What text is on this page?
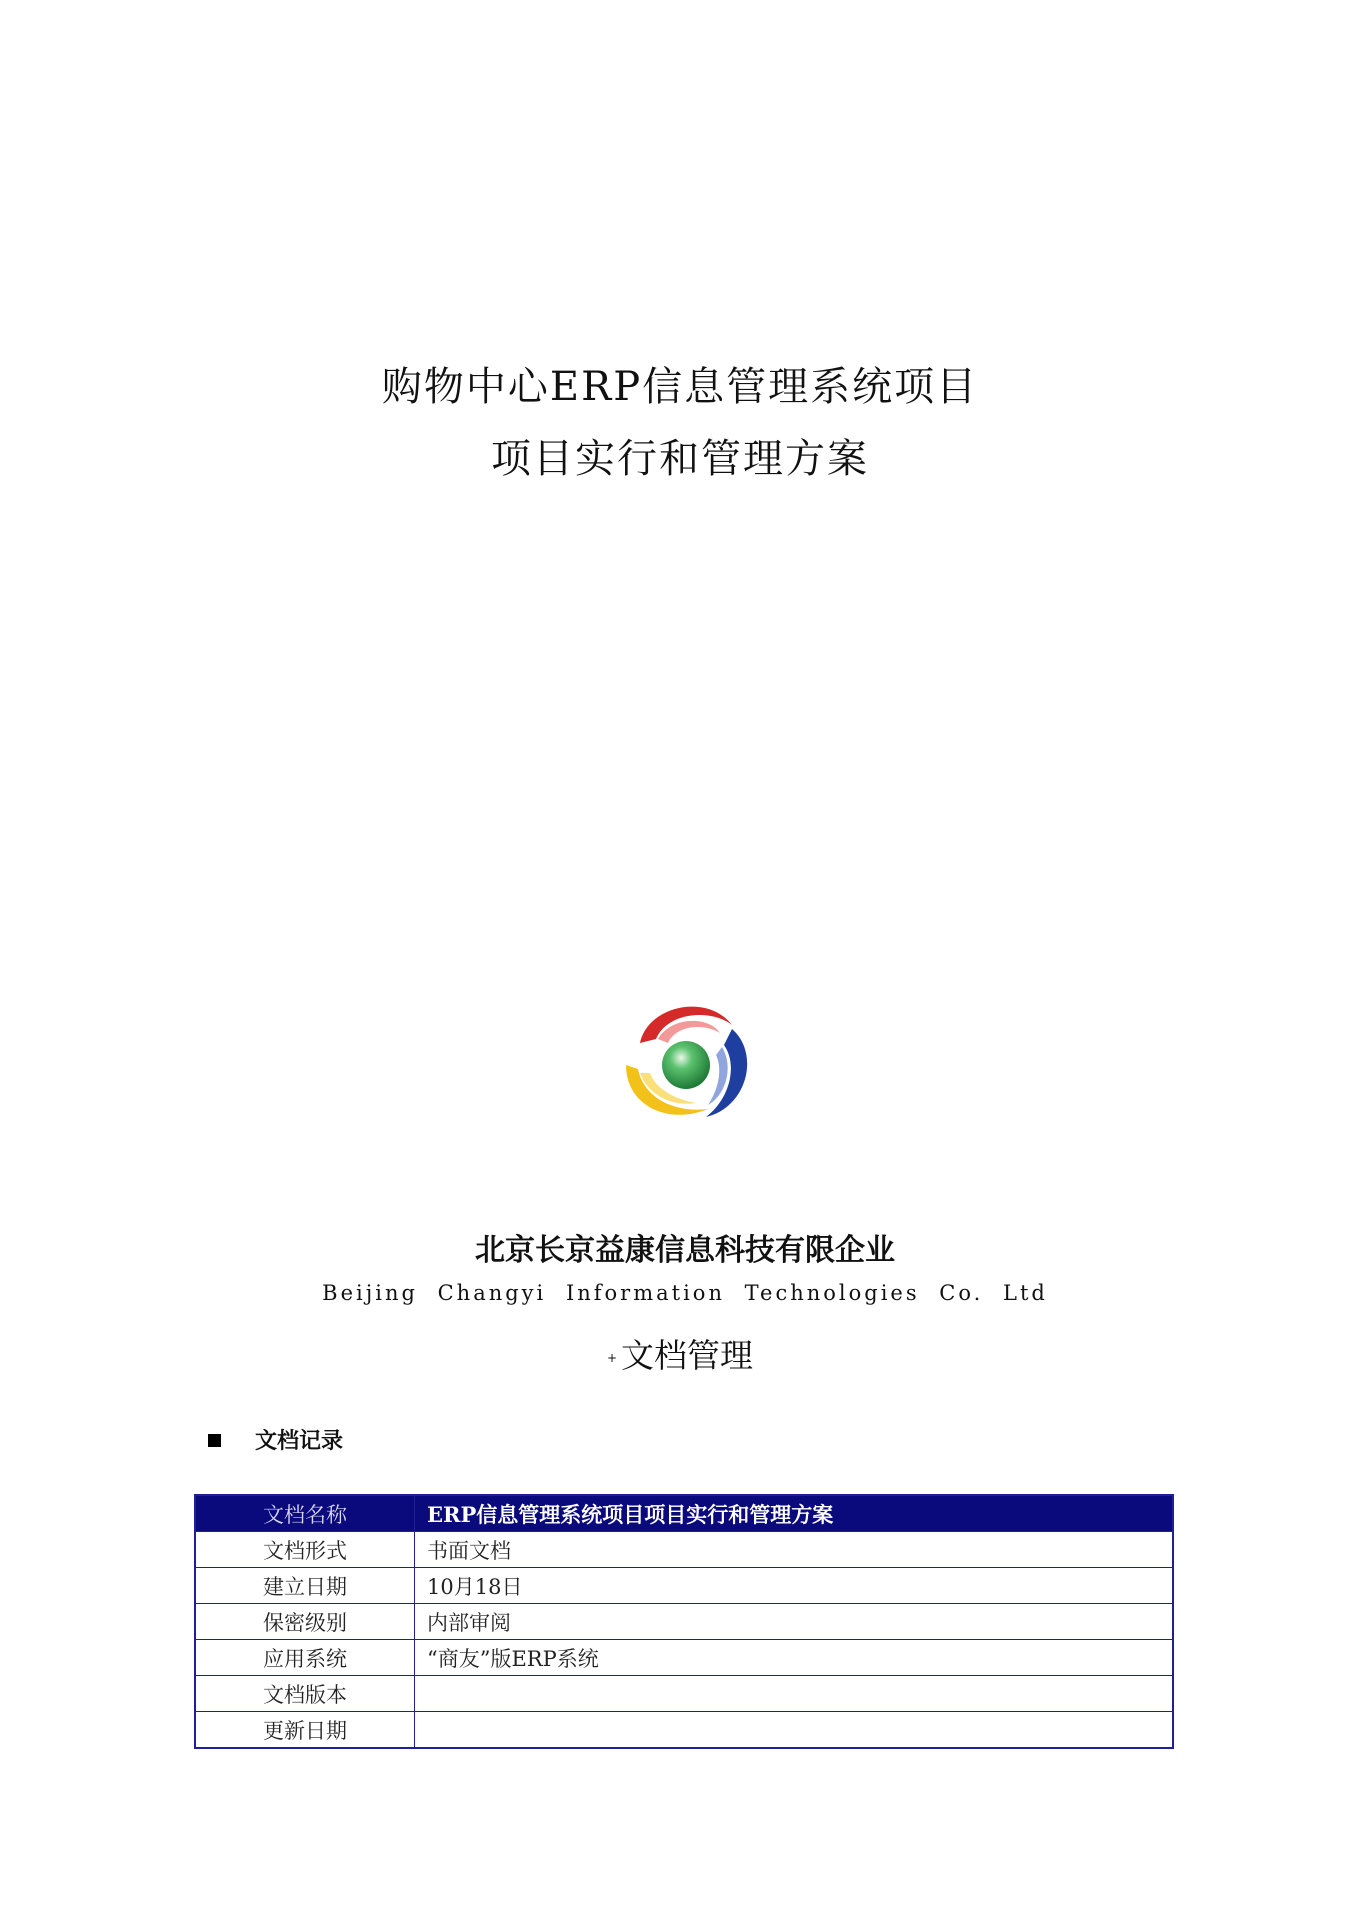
购物中心ERP信息管理系统项目
项目实行和管理方案
北京长京益康信息科技有限企业
Beijing Changyi Information Technologies Co. Ltd
+ 文档管理
文档记录
文档名称	ERP信息管理系统项目项目实行和管理方案
文档形式	书面文档
建立日期	10月18日
保密级别	内部审阅
应用系统	“商友”版ERP系统
文档版本	
更新日期	
